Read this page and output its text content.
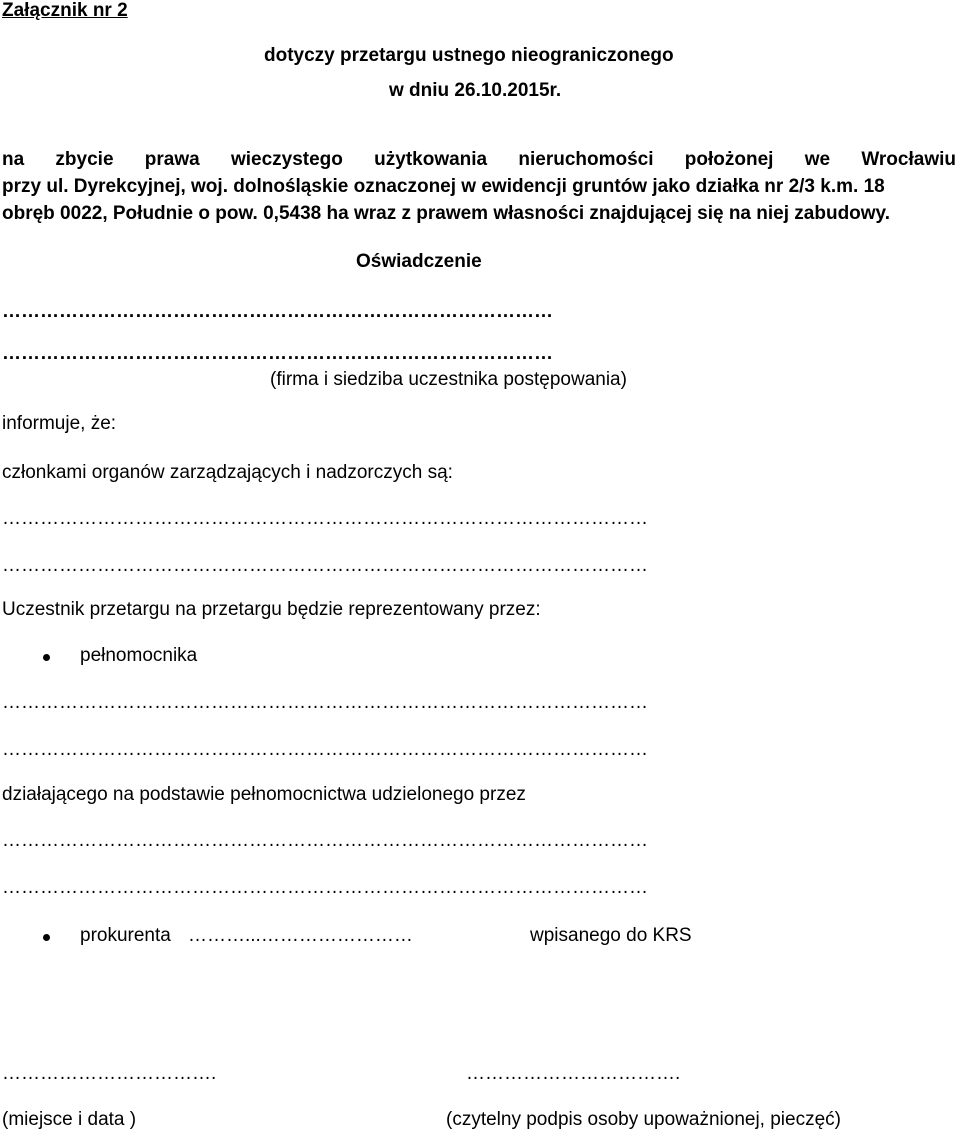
Załącznik nr 2
dotyczy przetargu ustnego nieograniczonego
w dniu 26.10.2015r.
na zbycie prawa wieczystego użytkowania nieruchomości położonej we Wrocławiu
przy ul. Dyrekcyjnej, woj. dolnośląskie oznaczonej w ewidencji gruntów jako działka nr 2/3 k.m. 18
obręb 0022, Południe o pow. 0,5438 ha wraz z prawem własności znajdującej się na niej zabudowy.
Oświadczenie
……………………………………………………………………………
……………………………………………………………………………
(firma i siedziba uczestnika postępowania)
informuje, że:
członkami organów zarządzających i nadzorczych są:
…………………………………………………………………………………………
…………………………………………………………………………………………
Uczestnik przetargu na przetargu będzie reprezentowany przez:
pełnomocnika
…………………………………………………………………………………………
…………………………………………………………………………………………
działającego na podstawie pełnomocnictwa udzielonego przez
…………………………………………………………………………………………
…………………………………………………………………………………………
prokurenta ………...……………………	wpisanego do KRS
…………………………….	…………………………….
(miejsce i data )	(czytelny podpis osoby upoważnionej, pieczęć)
